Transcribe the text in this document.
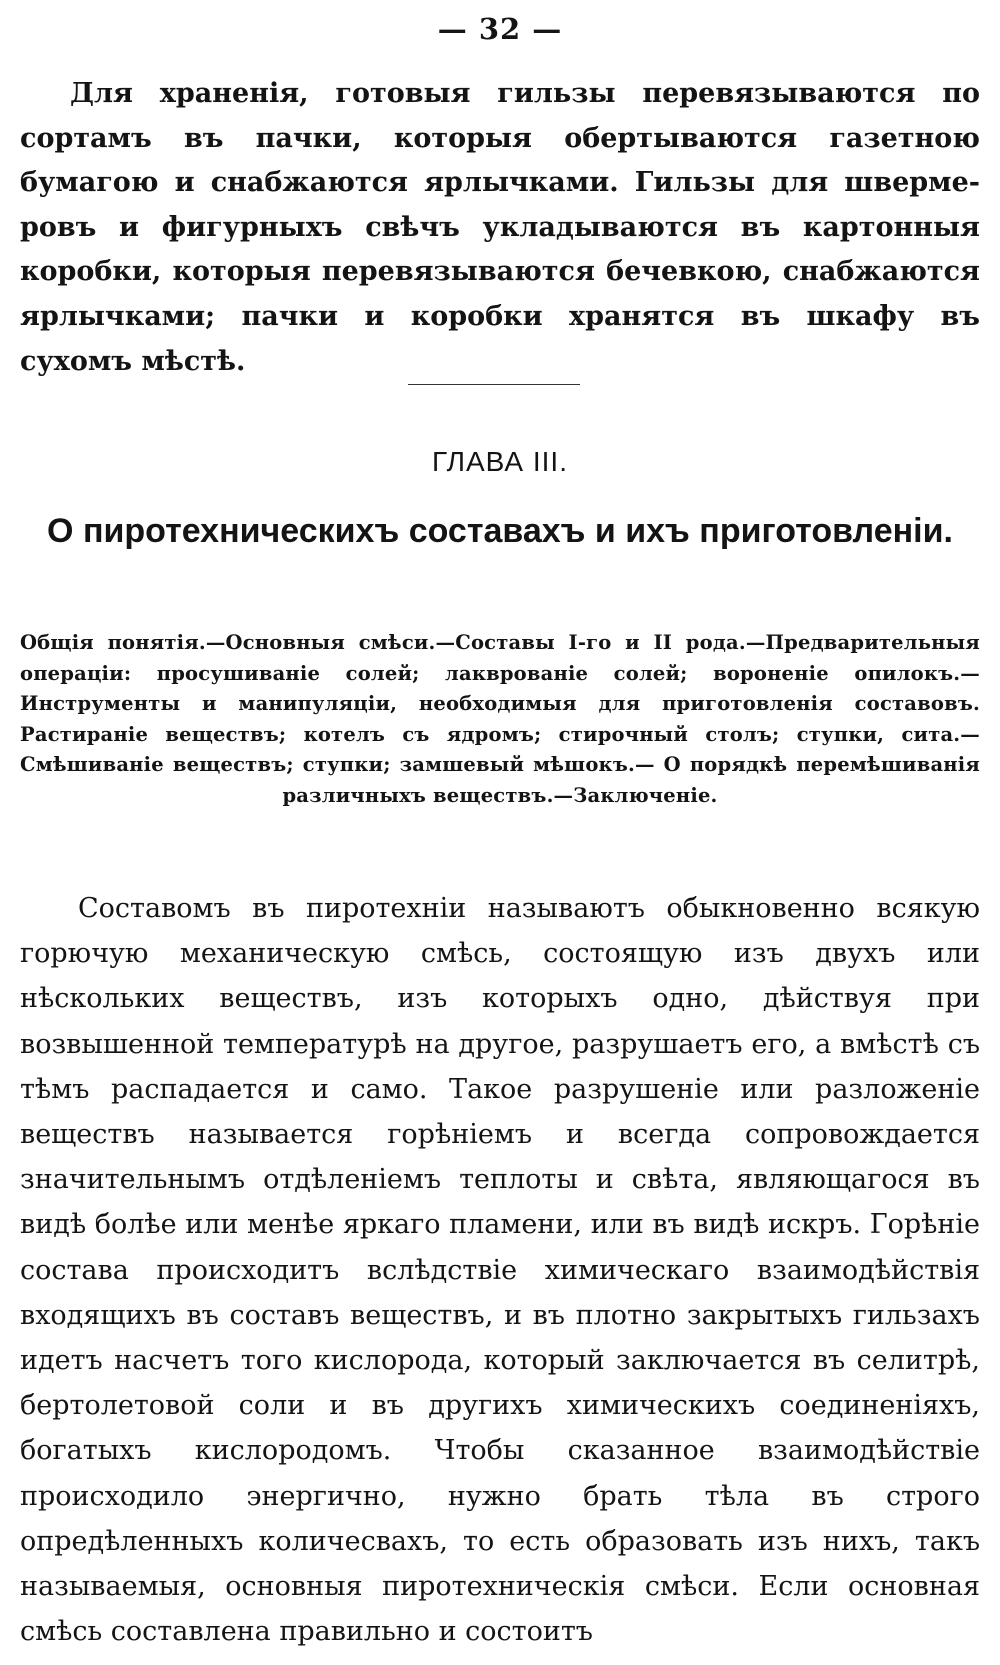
— 32 —

Для храненія, готовыя гильзы перевязываются по сортамъ въ пачки, которыя обертываются газетною бумагою и снабжаются ярлычками. Гильзы для швермеровъ и фигурныхъ свѣчъ укладываются въ картонныя коробки, которыя перевязываются бечевкою, снабжаются ярлычками; пачки и коробки хранятся въ шкафу въ сухомъ мѣстѣ.

ГЛАВА III.
О пиротехническихъ составахъ и ихъ приготовленіи.

Общія понятія.—Основныя смѣси.—Составы I-го и II рода.—Предварительныя операціи: просушиваніе солей; лакврованіе солей; вороненіе опилокъ.—Инструменты и манипуляціи, необходимыя для приготовленія составовъ. Растираніе веществъ; котелъ съ ядромъ; стирочный столъ; ступки, сита.—Смѣшиваніе веществъ; ступки; замшевый мѣшокъ.— О порядкѣ перемѣшиванія различныхъ веществъ.—Заключеніе.

Составомъ въ пиротехніи называютъ обыкновенно всякую горючую механическую смѣсь, состоящую изъ двухъ или нѣскольких веществъ, изъ которыхъ одно, дѣйствуя при возвышенной температурѣ на другое, разрушаетъ его, а вмѣстѣ съ тѣмъ распадается и само. Такое разрушеніе или разложеніе веществъ называется горѣніемъ и всегда сопровождается значительнымъ отдѣленіемъ теплоты и свѣта, являющагося въ видѣ болѣе или менѣе яркаго пламени, или въ видѣ искръ. Горѣніе состава происходитъ вслѣдствіе химическаго взаимодѣйствія входящихъ въ составъ веществъ, и въ плотно закрытыхъ гильзахъ идетъ насчетъ того кислорода, который заключается въ селитрѣ, бертолетовой соли и въ другихъ химическихъ соединеніяхъ, богатыхъ кислородомъ. Чтобы сказанное взаимодѣйствіе происходило энергично, нужно брать тѣла въ строго опредѣленныхъ количесвахъ, то есть образовать изъ нихъ, такъ называемыя, основныя пиротехническія смѣси. Если основная смѣсь составлена правильно и состоитъ
